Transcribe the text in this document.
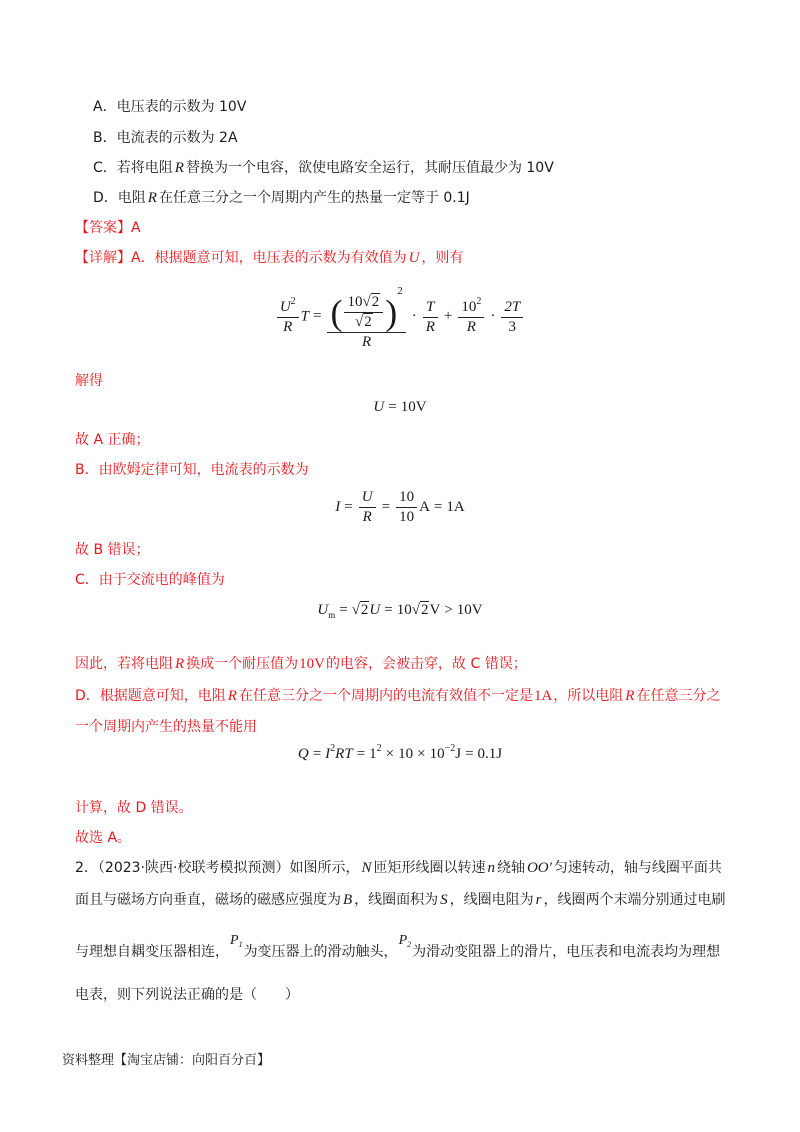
A．电压表的示数为 10V
B．电流表的示数为 2A
C．若将电阻 R 替换为一个电容，欲使电路安全运行，其耐压值最少为 10V
D．电阻 R 在任意三分之一个周期内产生的热量一定等于 0.1J
【答案】A
【详解】A．根据题意可知，电压表的示数为有效值为 U ，则有
$\frac{U^2}{R}$ $T = \frac{( \frac{10√2}{√2} )^2}{R} \cdot \frac{T}{R} + \frac{10^2}{R} \cdot \frac{2T}{3}$
解得
U = 10V
故 A 正确；
B．由欧姆定律可知，电流表的示数为
$I = \frac{U}{R} = \frac{10}{10}$ A = 1A
故 B 错误；
C．由于交流电的峰值为
$U_m = √2U = 10√2V > 10V$
因此，若将电阻 R 换成一个耐压值为10V的电容，会被击穿，故 C 错误；
D．根据题意可知，电阻 R 在任意三分之一个周期内的电流有效值不一定是1A，所以电阻 R 在任意三分之
一个周期内产生的热量不能用
$Q = I^2RT = 1^2 \times 10 \times 10^{-2}J = 0.1J$
计算，故 D 错误。
故选 A。
2．（2023·陕西·校联考模拟预测）如图所示， N 匝矩形线圈以转速 n 绕轴 OO′ 匀速转动，轴与线圈平面共
面且与磁场方向垂直，磁场的磁感应强度为 B ，线圈面积为 S ，线圈电阻为 r ，线圈两个末端分别通过电刷
与理想自耦变压器相连，$P_1$为变压器上的滑动触头，$P_2$为滑动变阻器上的滑片，电压表和电流表均为理想
电表，则下列说法正确的是（　　）
资料整理【淘宝店铺：向阳百分百】
